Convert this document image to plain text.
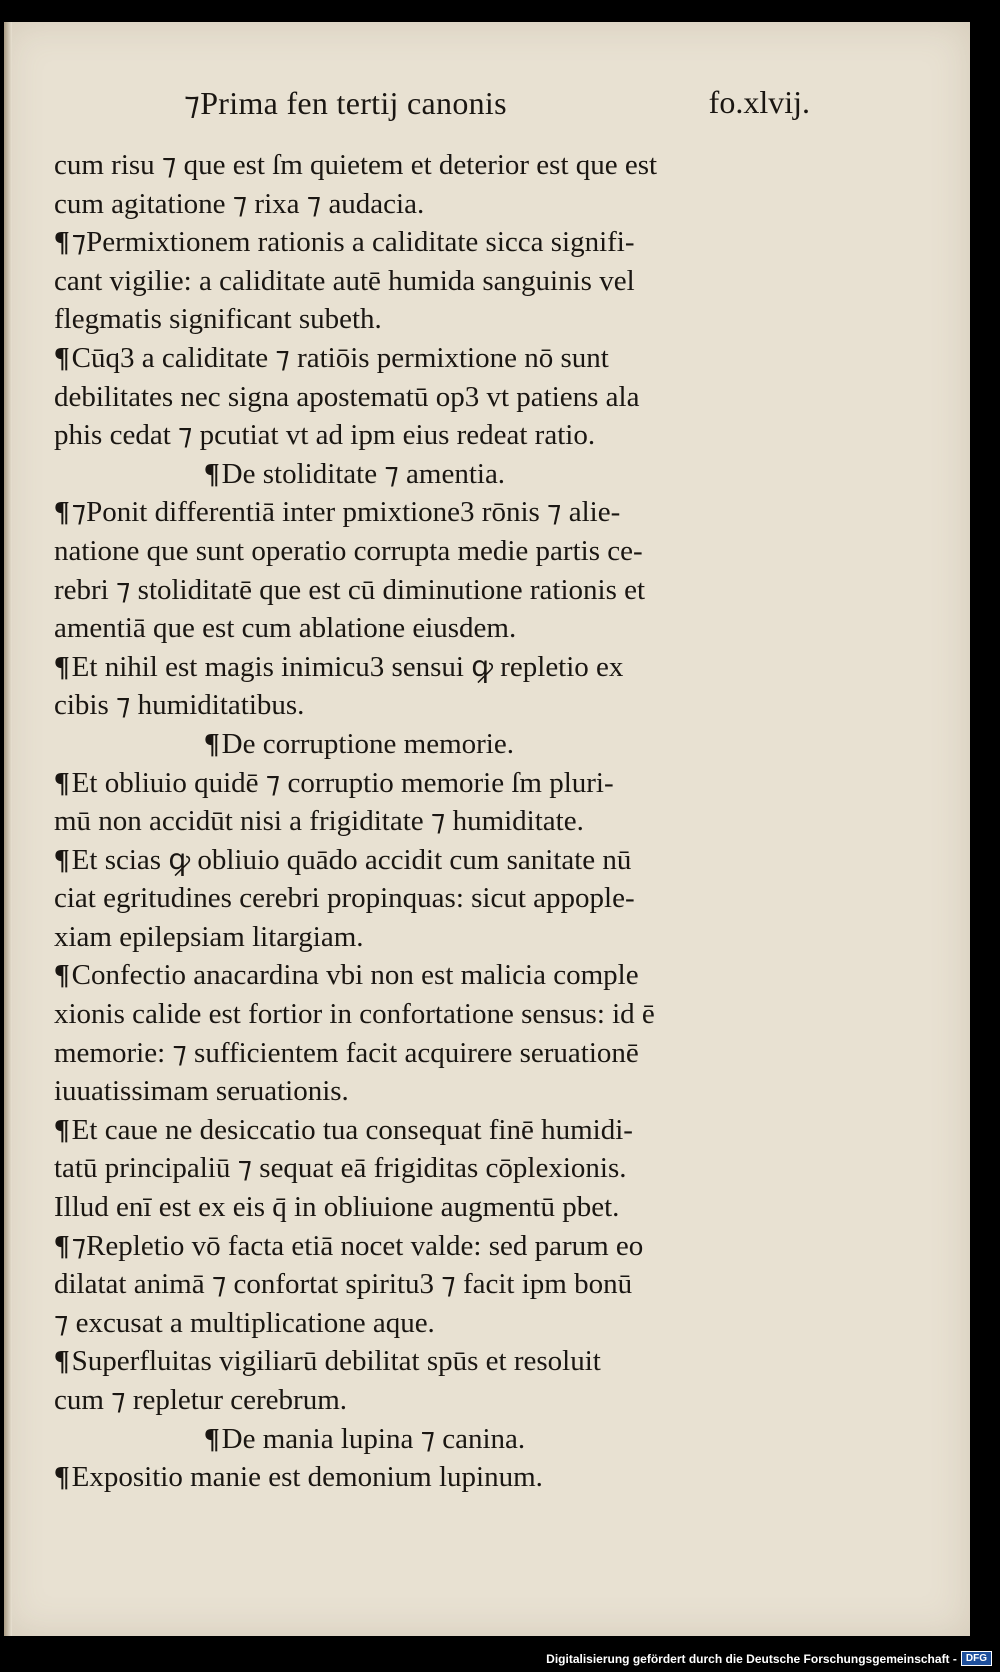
⁊Prima fen tertij canonis	fo.xlvij.
cum risu ⁊ que est ſm quietem et deterior est que est
cum agitatione ⁊ rixa ⁊ audacia.
¶⁊Permixtionem rationis a caliditate sicca signifi-
cant vigilie: a caliditate autē humida sanguinis vel
flegmatis significant subeth.
¶Cūq3 a caliditate ⁊ ratiōis permixtione nō sunt
debilitates nec signa apostematū op3 vt patiens ala
phis cedat ⁊ pcutiat vt ad ipm eius redeat ratio.
¶De stoliditate ⁊ amentia.
¶⁊Ponit differentiā inter pmixtione3 rōnis ⁊ alie-
natione que sunt operatio corrupta medie partis ce-
rebri ⁊ stoliditatē que est cū diminutione rationis et
amentiā que est cum ablatione eiusdem.
¶Et nihil est magis inimicu3 sensui ꝙ repletio ex
cibis ⁊ humiditatibus.
¶De corruptione memorie.
¶Et obliuio quidē ⁊ corruptio memorie ſm pluri-
mū non accidūt nisi a frigiditate ⁊ humiditate.
¶Et scias ꝙ obliuio quādo accidit cum sanitate nū
ciat egritudines cerebri propinquas: sicut appople-
xiam epilepsiam litargiam.
¶Confectio anacardina vbi non est malicia comple
xionis calide est fortior in confortatione sensus: id ē
memorie: ⁊ sufficientem facit acquirere seruationē
iuuatissimam seruationis.
¶Et caue ne desiccatio tua consequat finē humidi-
tatū principaliū ⁊ sequat eā frigiditas cōplexionis.
Illud enī est ex eis q̄ in obliuione augmentū pbet.
¶⁊Repletio vō facta etiā nocet valde: sed parum eo
dilatat animā ⁊ confortat spiritu3 ⁊ facit ipm bonū
⁊ excusat a multiplicatione aque.
¶Superfluitas vigiliarū debilitat spūs et resoluit
cum ⁊ repletur cerebrum.
¶De mania lupina ⁊ canina.
¶Expositio manie est demonium lupinum.
Digitalisierung gefördert durch die Deutsche Forschungsgemeinschaft - DFG
